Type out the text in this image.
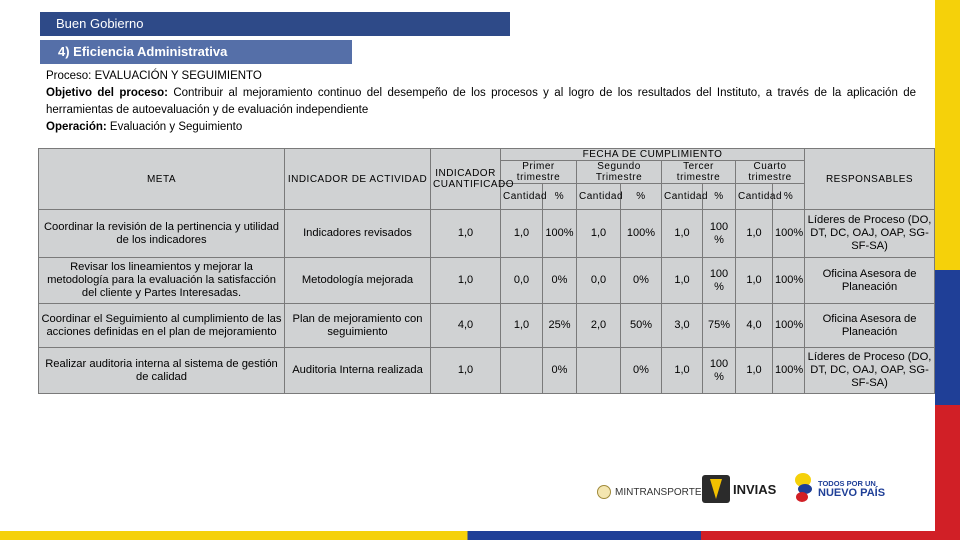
Buen Gobierno
4) Eficiencia Administrativa

Proceso: EVALUACIÓN Y SEGUIMIENTO

Objetivo del proceso: Contribuir al mejoramiento continuo del desempeño de los procesos y al logro de los resultados del Instituto, a través de la aplicación de herramientas de autoevaluación y de evaluación independiente

Operación: Evaluación y Seguimiento

META	INDICADOR DE ACTIVIDAD	INDICADOR CUANTIFICADO	FECHA DE CUMPLIMIENTO								RESPONSABLES
			Primer trimestre		Segundo Trimestre		Tercer trimestre		Cuarto trimestre		
			Cantidad	%	Cantidad	%	Cantidad	%	Cantidad	%	
Coordinar la revisión de la pertinencia y utilidad de los indicadores	Indicadores revisados	1,0	1,0	100%	1,0	100%	1,0	100 %	1,0	100%	Líderes de Proceso (DO, DT, DC, OAJ, OAP, SG-SF-SA)
Revisar los lineamientos y mejorar la metodología para la evaluación la satisfacción del cliente y Partes Interesadas.	Metodología mejorada	1,0	0,0	0%	0,0	0%	1,0	100 %	1,0	100%	Oficina Asesora de Planeación
Coordinar el Seguimiento al cumplimiento de las acciones definidas en el plan de mejoramiento	Plan de mejoramiento con seguimiento	4,0	1,0	25%	2,0	50%	3,0	75%	4,0	100%	Oficina Asesora de Planeación
Realizar auditoria interna al sistema de gestión de calidad	Auditoria Interna realizada	1,0		0%		0%	1,0	100 %	1,0	100%	Líderes de Proceso (DO, DT, DC, OAJ, OAP, SG-SF-SA)
MINTRANSPORTE INVIAS	TODOS POR UN
NUEVO PAÍS
